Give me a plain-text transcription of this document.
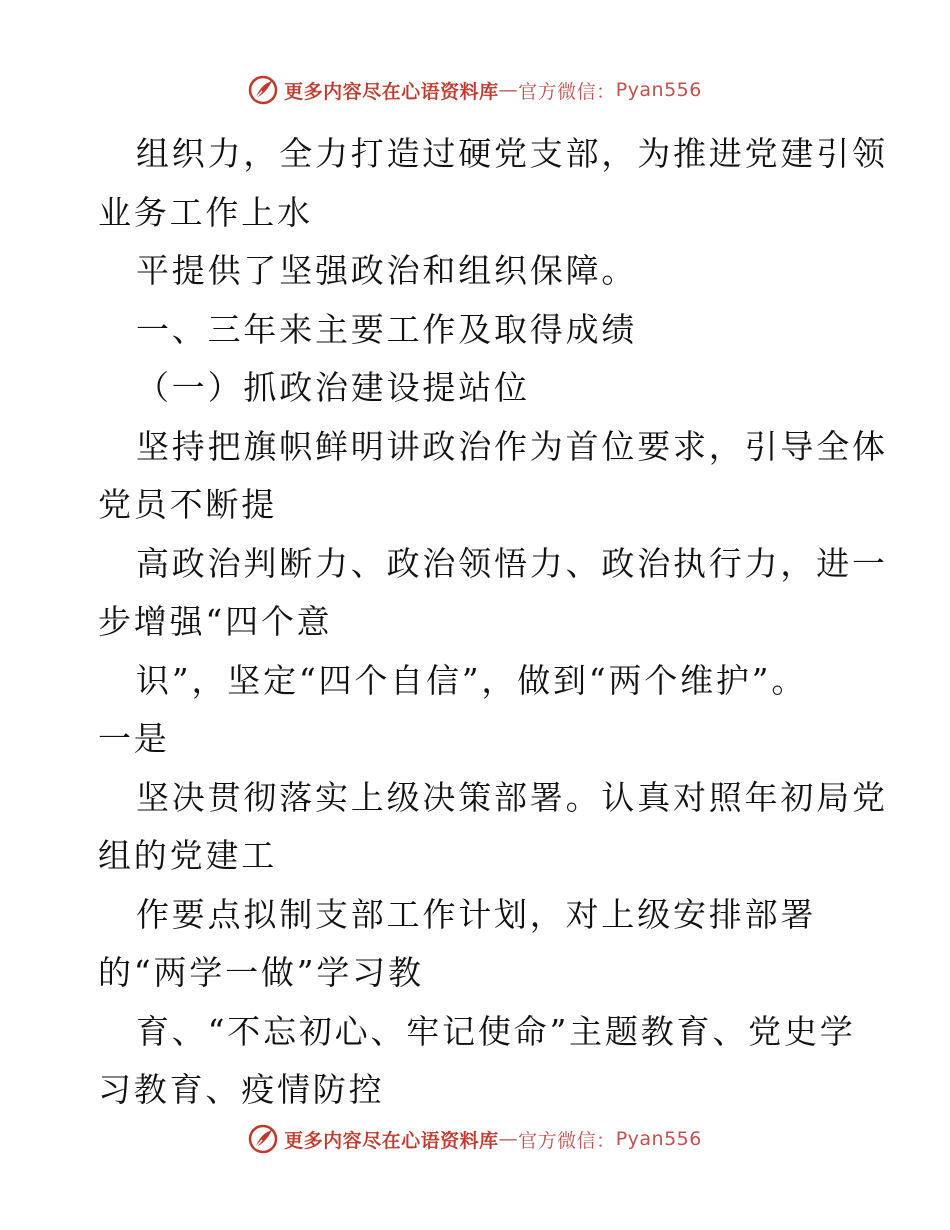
更多内容尽在心语资料库 — 官方微信： Pyan556
组织力，全力打造过硬党支部，为推进党建引领
业务工作上水
平提供了坚强政治和组织保障。
一、三年来主要工作及取得成绩
（一）抓政治建设提站位
坚持把旗帜鲜明讲政治作为首位要求，引导全体
党员不断提
高政治判断力、政治领悟力、政治执行力，进一
步增强“四个意
识”，坚定“四个自信”，做到“两个维护”。
一是
坚决贯彻落实上级决策部署。认真对照年初局党
组的党建工
作要点拟制支部工作计划，对上级安排部署
的“两学一做”学习教
育、“不忘初心、牢记使命”主题教育、党史学
习教育、疫情防控
更多内容尽在心语资料库 — 官方微信： Pyan556
